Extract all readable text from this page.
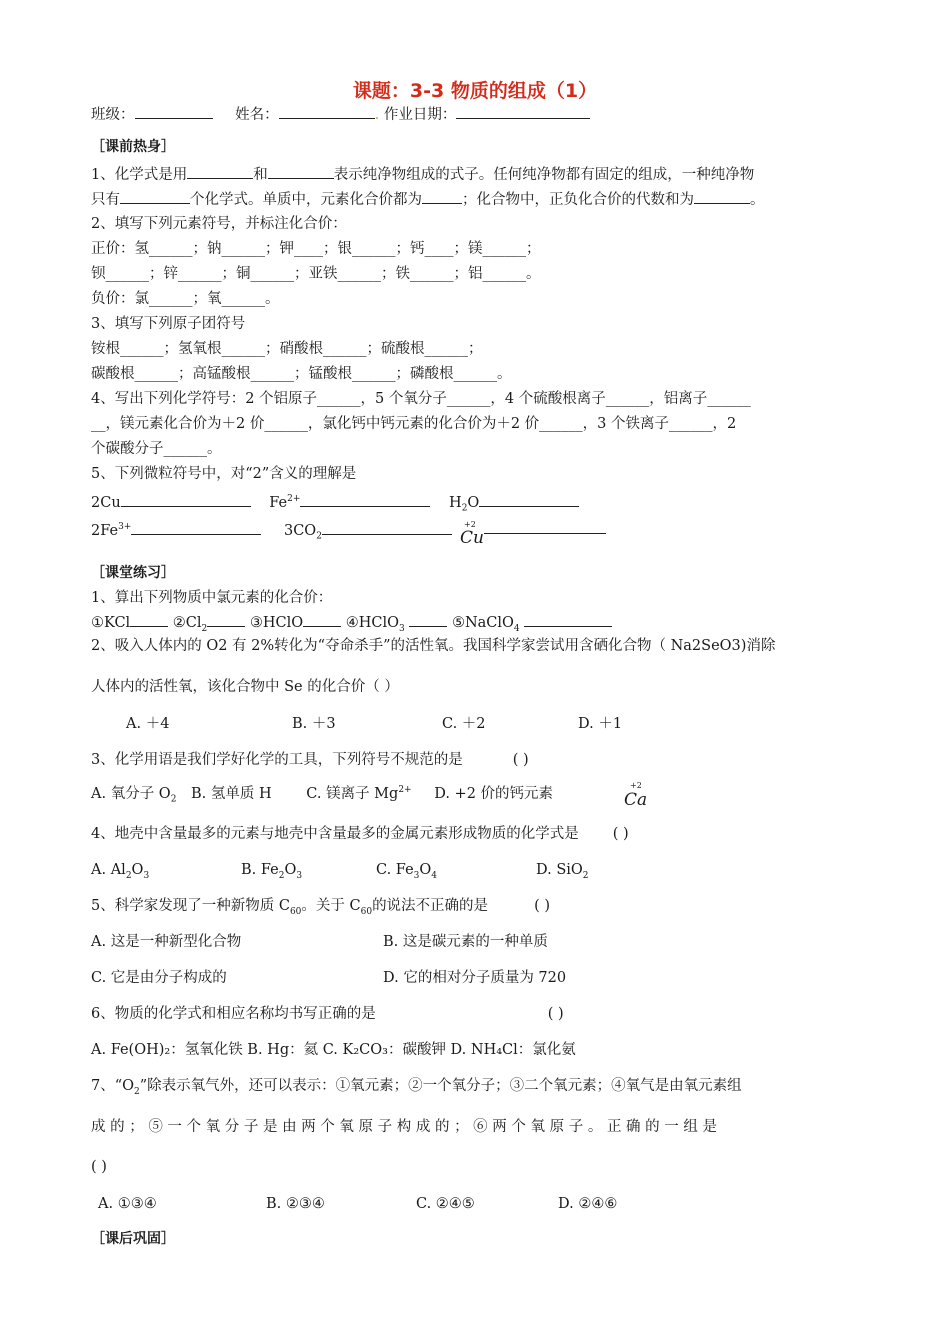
课题：3-3 物质的组成（1）
班级：	姓名：	. 作业日期：
［课前热身］
1、化学式是用	和	表示纯净物组成的式子。任何纯净物都有固定的组成，一种纯净物
只有	个化学式。单质中，元素化合价都为	；化合物中，正负化合价的代数和为	。
2、填写下列元素符号，并标注化合价：
正价：氢______；钠______；钾____；银______；钙____；镁______；
钡______；锌______；铜______；亚铁______；铁______；铝______。
负价：氯______；氧______。
3、填写下列原子团符号
铵根______；氢氧根______；硝酸根______；硫酸根______；
碳酸根______；高锰酸根______；锰酸根______；磷酸根______。
4、写出下列化学符号：2 个铝原子______，5 个氧分子______，4 个硫酸根离子______，铝离子______
__，镁元素化合价为＋2 价______，氯化钙中钙元素的化合价为＋2 价______，3 个铁离子______，2
个碳酸分子______。
5、下列微粒符号中，对“2”含义的理解是
2Cu	$Fe^{2+}$	$H_2O$
$2Fe^{3+}$	$3CO_2$
+2
Cu
［课堂练习］
1、算出下列物质中氯元素的化合价：
①KCl	$②Cl_2$	③HClO	④HClO$_3$	⑤NaClO$_4$
2、吸入人体内的 O2 有 2%转化为“夺命杀手”的活性氧。我国科学家尝试用含硒化合物（ Na2SeO3)消除
人体内的活性氧，该化合物中 Se 的化合价（ ）
A. ＋4	B. ＋3	C. ＋2	D. ＋1
3、化学用语是我们学好化学的工具，下列符号不规范的是	( )
A. 氧分子 $O_2$ B. 氢单质 H C. 镁离子 $Mg^{2+}$ D. +2 价的钙元素
+2
Ca
4、地壳中含量最多的元素与地壳中含量最多的金属元素形成物质的化学式是 ( )
A. $Al_2O_3$	B. $Fe_2O_3$	C. $Fe_3O_4$	D. SiO$_2$
5、科学家发现了一种新物质 $C_{60}$。关于 $C_{60}$的说法不正确的是	( )
A. 这是一种新型化合物	B. 这是碳元素的一种单质
C. 它是由分子构成的	D. 它的相对分子质量为 720
6、物质的化学式和相应名称均书写正确的是	( )
A. Fe(OH)₂：氢氧化铁 B. Hg：氦 C. K₂CO₃：碳酸钾 D. NH₄Cl：氯化氨
7、“$O_2$”除表示氧气外，还可以表示：①氧元素；②一个氧分子；③二个氧元素；④氧气是由氧元素组
成 的 ； ⑤ 一 个 氧 分 子 是 由 两 个 氧 原 子 构 成 的 ； ⑥ 两 个 氧 原 子 。 正 确 的 一 组 是
( )
A. ①③④	B. ②③④	C. ②④⑤	D. ②④⑥
［课后巩固］
